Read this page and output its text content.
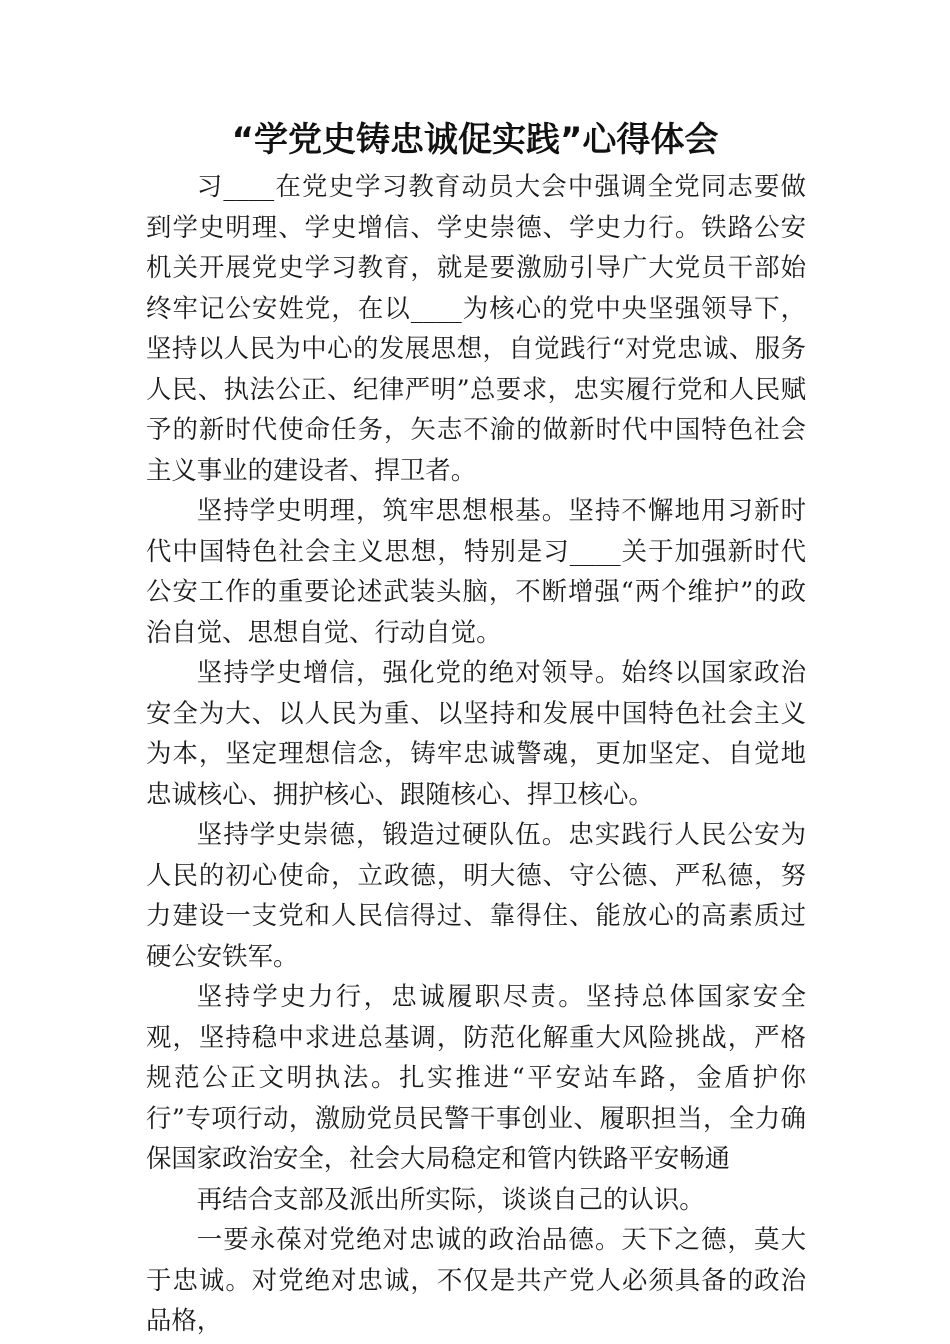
“学党史铸忠诚促实践”心得体会

习____在党史学习教育动员大会中强调全党同志要做到学史明理、学史增信、学史崇德、学史力行。铁路公安机关开展党史学习教育，就是要激励引导广大党员干部始终牢记公安姓党，在以____为核心的党中央坚强领导下，坚持以人民为中心的发展思想，自觉践行“对党忠诚、服务人民、执法公正、纪律严明”总要求，忠实履行党和人民赋予的新时代使命任务，矢志不渝的做新时代中国特色社会主义事业的建设者、捍卫者。

坚持学史明理，筑牢思想根基。坚持不懈地用习新时代中国特色社会主义思想，特别是习____关于加强新时代公安工作的重要论述武装头脑，不断增强“两个维护”的政治自觉、思想自觉、行动自觉。

坚持学史增信，强化党的绝对领导。始终以国家政治安全为大、以人民为重、以坚持和发展中国特色社会主义为本，坚定理想信念，铸牢忠诚警魂，更加坚定、自觉地忠诚核心、拥护核心、跟随核心、捍卫核心。

坚持学史崇德，锻造过硬队伍。忠实践行人民公安为人民的初心使命，立政德，明大德、守公德、严私德，努力建设一支党和人民信得过、靠得住、能放心的高素质过硬公安铁军。

坚持学史力行，忠诚履职尽责。坚持总体国家安全观，坚持稳中求进总基调，防范化解重大风险挑战，严格规范公正文明执法。扎实推进“平安站车路，金盾护你行”专项行动，激励党员民警干事创业、履职担当，全力确保国家政治安全，社会大局稳定和管内铁路平安畅通

再结合支部及派出所实际，谈谈自己的认识。

一要永葆对党绝对忠诚的政治品德。天下之德，莫大于忠诚。对党绝对忠诚，不仅是共产党人必须具备的政治品格，
